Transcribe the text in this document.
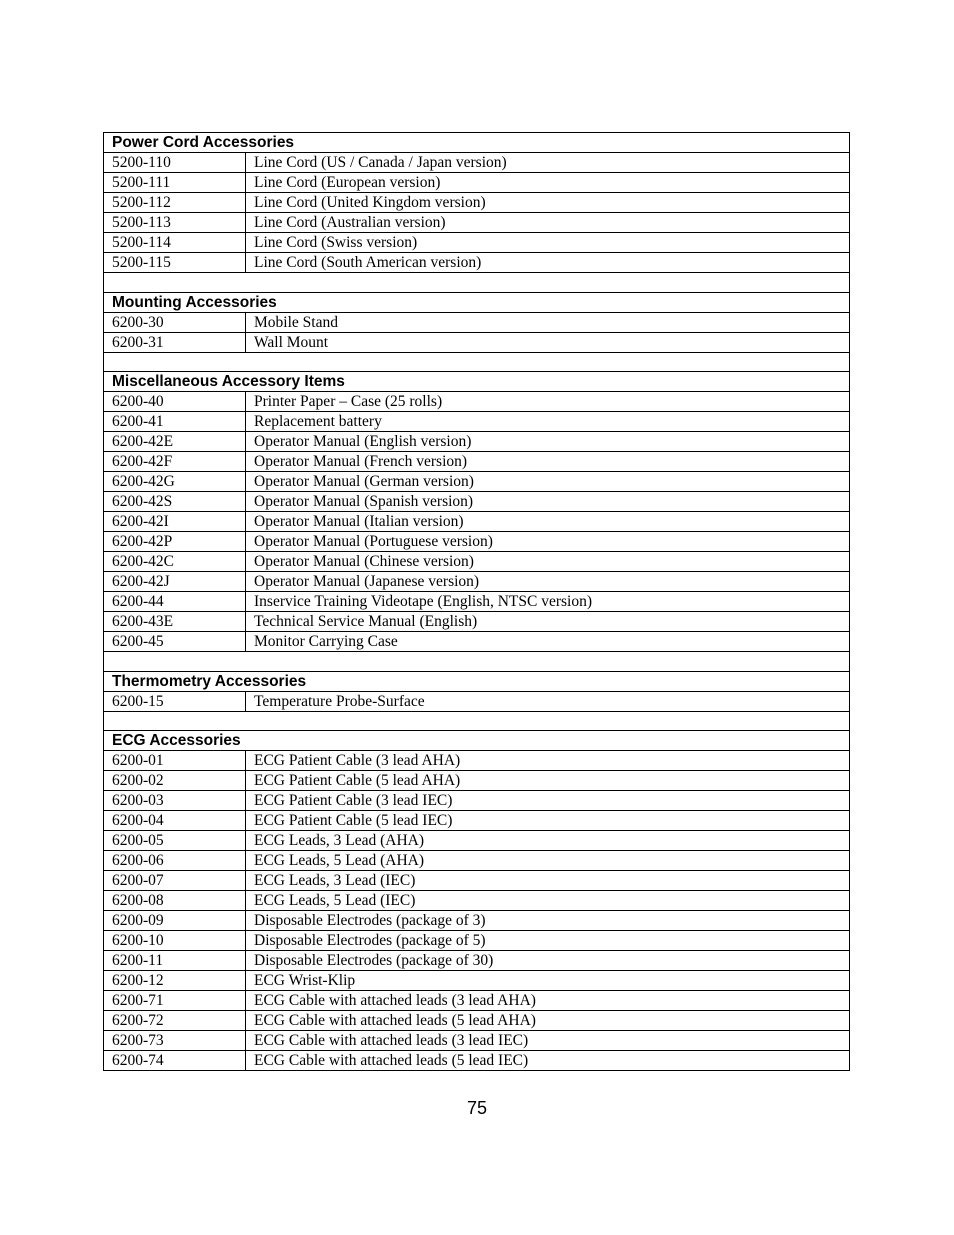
Power Cord Accessories	
5200-110	Line Cord (US / Canada / Japan version)
5200-111	Line Cord (European version)
5200-112	Line Cord (United Kingdom version)
5200-113	Line Cord (Australian version)
5200-114	Line Cord (Swiss version)
5200-115	Line Cord (South American version)

Mounting Accessories	
6200-30	Mobile Stand
6200-31	Wall Mount

Miscellaneous Accessory Items	
6200-40	Printer Paper – Case (25 rolls)
6200-41	Replacement battery
6200-42E	Operator Manual (English version)
6200-42F	Operator Manual (French version)
6200-42G	Operator Manual (German version)
6200-42S	Operator Manual (Spanish version)
6200-42I	Operator Manual (Italian version)
6200-42P	Operator Manual (Portuguese version)
6200-42C	Operator Manual (Chinese version)
6200-42J	Operator Manual (Japanese version)
6200-44	Inservice Training Videotape (English, NTSC version)
6200-43E	Technical Service Manual (English)
6200-45	Monitor Carrying Case

Thermometry Accessories	
6200-15	Temperature Probe-Surface

ECG Accessories	
6200-01	ECG Patient Cable (3 lead AHA)
6200-02	ECG Patient Cable (5 lead AHA)
6200-03	ECG Patient Cable (3 lead IEC)
6200-04	ECG Patient Cable (5 lead IEC)
6200-05	ECG Leads, 3 Lead (AHA)
6200-06	ECG Leads, 5 Lead (AHA)
6200-07	ECG Leads, 3 Lead (IEC)
6200-08	ECG Leads, 5 Lead (IEC)
6200-09	Disposable Electrodes (package of 3)
6200-10	Disposable Electrodes (package of 5)
6200-11	Disposable Electrodes (package of 30)
6200-12	ECG Wrist-Klip
6200-71	ECG Cable with attached leads (3 lead AHA)
6200-72	ECG Cable with attached leads (5 lead AHA)
6200-73	ECG Cable with attached leads (3 lead IEC)
6200-74	ECG Cable with attached leads (5 lead IEC)
75
